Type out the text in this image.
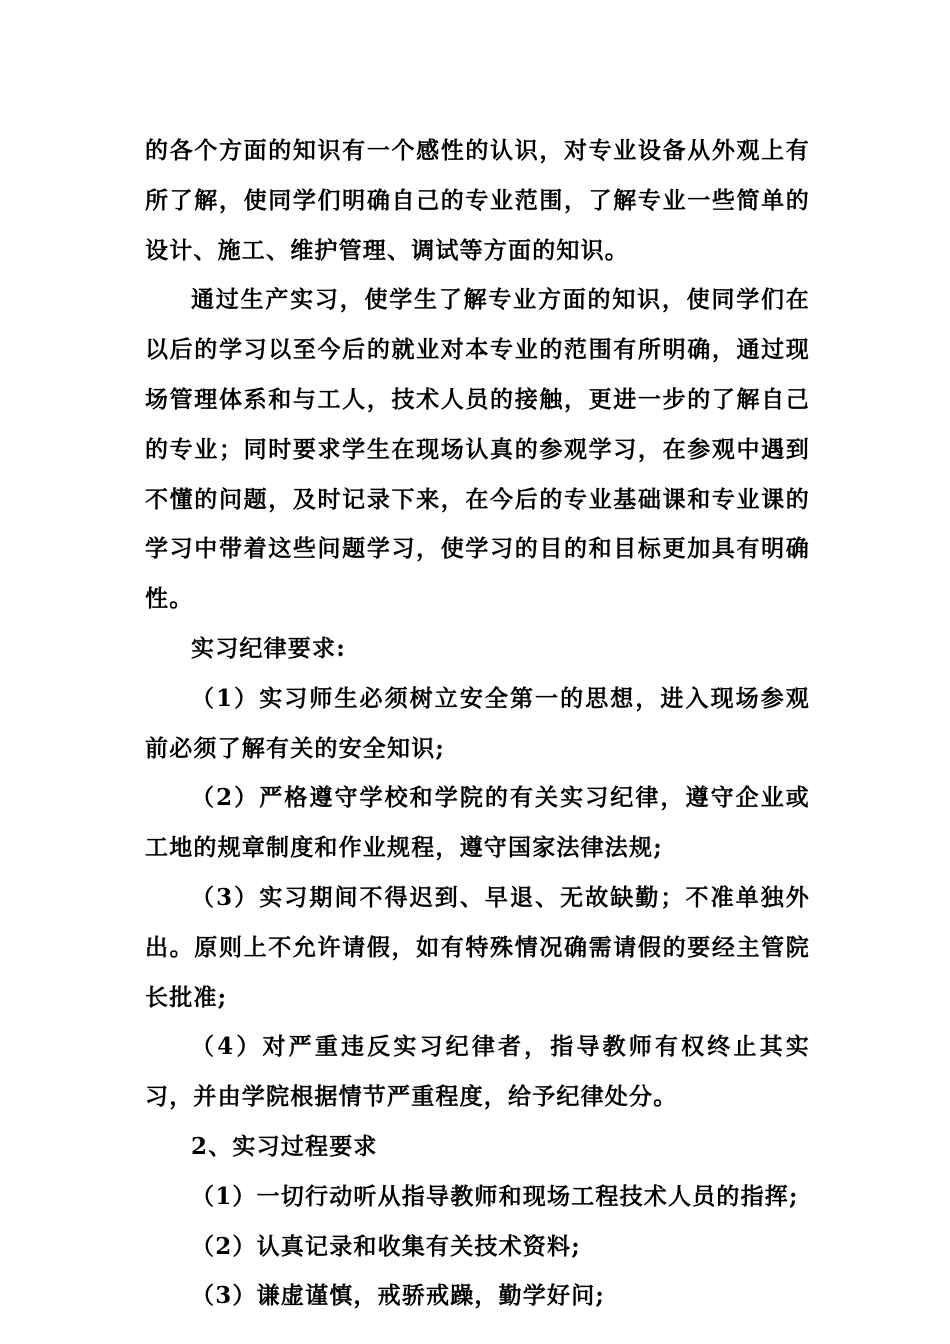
的各个方面的知识有一个感性的认识，对专业设备从外观上有所了解，使同学们明确自己的专业范围，了解专业一些简单的设计、施工、维护管理、调试等方面的知识。

通过生产实习，使学生了解专业方面的知识，使同学们在以后的学习以至今后的就业对本专业的范围有所明确，通过现场管理体系和与工人，技术人员的接触，更进一步的了解自己的专业；同时要求学生在现场认真的参观学习，在参观中遇到不懂的问题，及时记录下来，在今后的专业基础课和专业课的学习中带着这些问题学习，使学习的目的和目标更加具有明确性。

实习纪律要求:

（1）实习师生必须树立安全第一的思想，进入现场参观前必须了解有关的安全知识;

（2）严格遵守学校和学院的有关实习纪律，遵守企业或工地的规章制度和作业规程，遵守国家法律法规;

（3）实习期间不得迟到、早退、无故缺勤；不准单独外出。原则上不允许请假，如有特殊情况确需请假的要经主管院长批准;

（4）对严重违反实习纪律者，指导教师有权终止其实习，并由学院根据情节严重程度，给予纪律处分。

2、实习过程要求

（1）一切行动听从指导教师和现场工程技术人员的指挥;

（2）认真记录和收集有关技术资料;

（3）谦虚谨慎，戒骄戒躁，勤学好问;
